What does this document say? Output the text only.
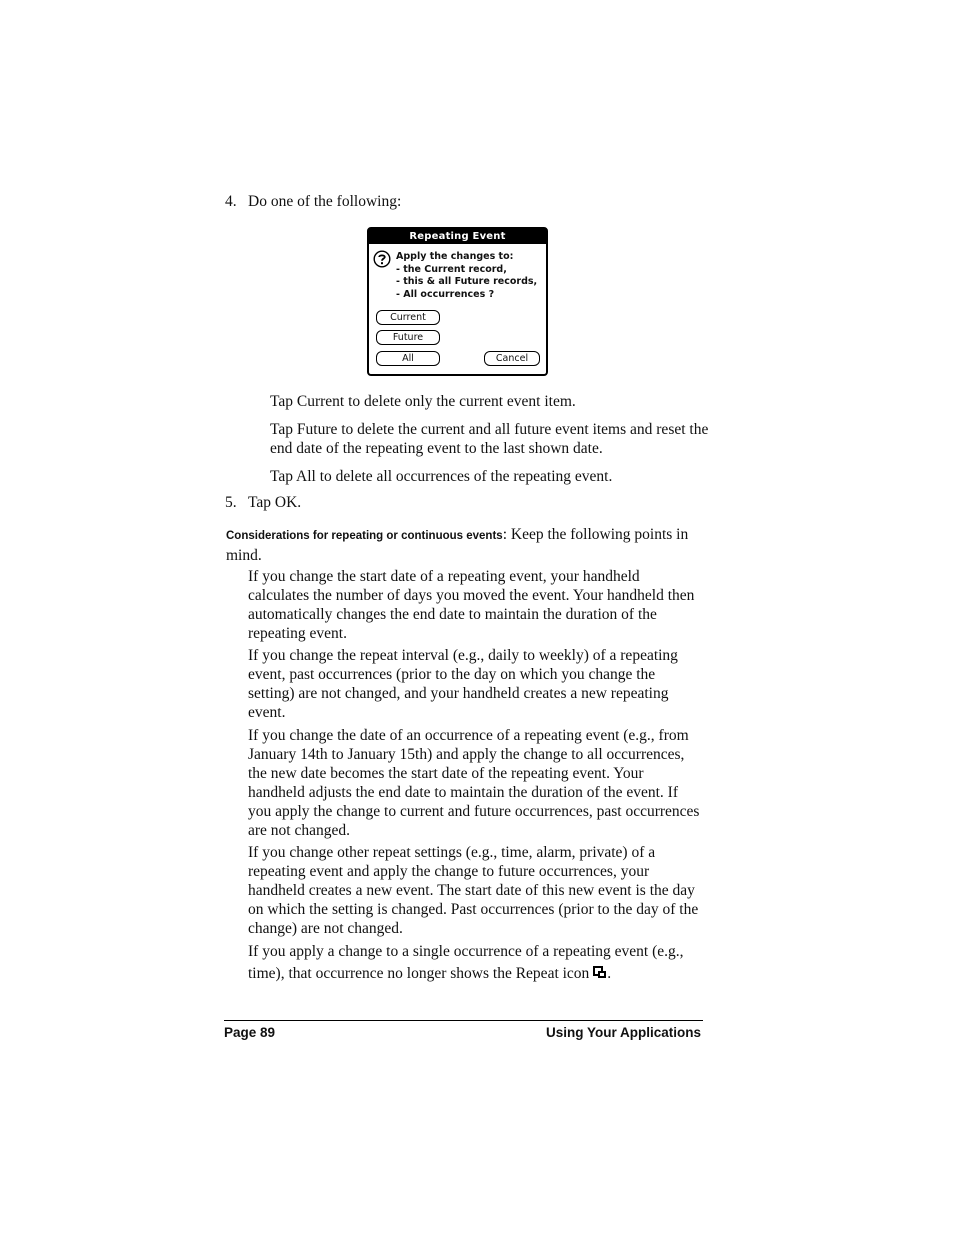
4. Do one of the following:
Repeating Event
Apply the changes to:
- the Current record,
- this & all Future records,
- All occurrences ?
Current
Future
All	Cancel

Tap Current to delete only the current event item.

Tap Future to delete the current and all future event items and reset the end date of the repeating event to the last shown date.

Tap All to delete all occurrences of the repeating event.

5. Tap OK.

Considerations for repeating or continuous events: Keep the following points in mind.

If you change the start date of a repeating event, your handheld calculates the number of days you moved the event. Your handheld then automatically changes the end date to maintain the duration of the repeating event.

If you change the repeat interval (e.g., daily to weekly) of a repeating event, past occurrences (prior to the day on which you change the setting) are not changed, and your handheld creates a new repeating event.

If you change the date of an occurrence of a repeating event (e.g., from January 14th to January 15th) and apply the change to all occurrences, the new date becomes the start date of the repeating event. Your handheld adjusts the end date to maintain the duration of the event. If you apply the change to current and future occurrences, past occurrences are not changed.

If you change other repeat settings (e.g., time, alarm, private) of a repeating event and apply the change to future occurrences, your handheld creates a new event. The start date of this new event is the day on which the setting is changed. Past occurrences (prior to the day of the change) are not changed.

If you apply a change to a single occurrence of a repeating event (e.g., time), that occurrence no longer shows the Repeat icon .

Page 89	Using Your Applications
